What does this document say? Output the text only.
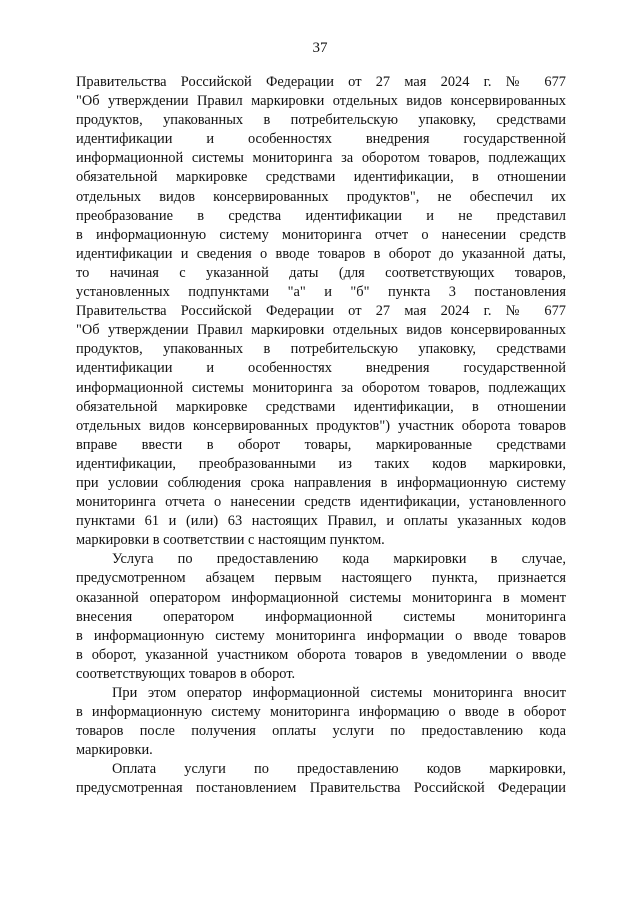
37
Правительства Российской Федерации от 27 мая 2024 г. № 677
"Об утверждении Правил маркировки отдельных видов консервированных
продуктов, упакованных в потребительскую упаковку, средствами
идентификации и особенностях внедрения государственной
информационной системы мониторинга за оборотом товаров, подлежащих
обязательной маркировке средствами идентификации, в отношении
отдельных видов консервированных продуктов", не обеспечил их
преобразование в средства идентификации и не представил
в информационную систему мониторинга отчет о нанесении средств
идентификации и сведения о вводе товаров в оборот до указанной даты,
то начиная с указанной даты (для соответствующих товаров,
установленных подпунктами "а" и "б" пункта 3 постановления
Правительства Российской Федерации от 27 мая 2024 г. № 677
"Об утверждении Правил маркировки отдельных видов консервированных
продуктов, упакованных в потребительскую упаковку, средствами
идентификации и особенностях внедрения государственной
информационной системы мониторинга за оборотом товаров, подлежащих
обязательной маркировке средствами идентификации, в отношении
отдельных видов консервированных продуктов") участник оборота товаров
вправе ввести в оборот товары, маркированные средствами
идентификации, преобразованными из таких кодов маркировки,
при условии соблюдения срока направления в информационную систему
мониторинга отчета о нанесении средств идентификации, установленного
пунктами 61 и (или) 63 настоящих Правил, и оплаты указанных кодов
маркировки в соответствии с настоящим пунктом.
Услуга по предоставлению кода маркировки в случае,
предусмотренном абзацем первым настоящего пункта, признается
оказанной оператором информационной системы мониторинга в момент
внесения оператором информационной системы мониторинга
в информационную систему мониторинга информации о вводе товаров
в оборот, указанной участником оборота товаров в уведомлении о вводе
соответствующих товаров в оборот.
При этом оператор информационной системы мониторинга вносит
в информационную систему мониторинга информацию о вводе в оборот
товаров после получения оплаты услуги по предоставлению кода
маркировки.
Оплата услуги по предоставлению кодов маркировки,
предусмотренная постановлением Правительства Российской Федерации
